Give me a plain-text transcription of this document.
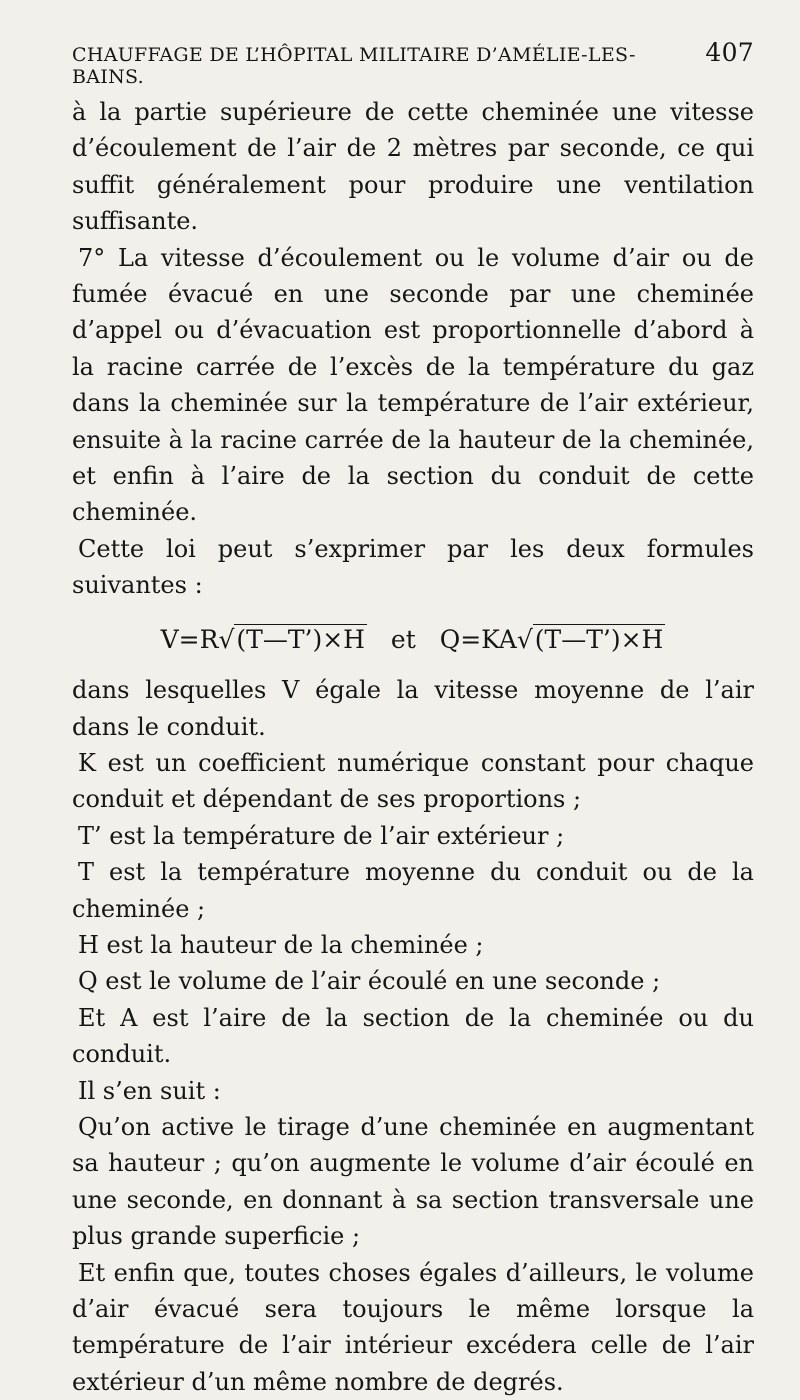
CHAUFFAGE DE L’HÔPITAL MILITAIRE D’AMÉLIE-LES-BAINS.
407

à la partie supérieure de cette cheminée une vitesse d’écoulement de l’air de 2 mètres par seconde, ce qui suffit généralement pour produire une ventilation suffisante.

7° La vitesse d’écoulement ou le volume d’air ou de fumée évacué en une seconde par une cheminée d’appel ou d’évacuation est proportionnelle d’abord à la racine carrée de l’excès de la température du gaz dans la cheminée sur la température de l’air extérieur, ensuite à la racine carrée de la hauteur de la cheminée, et enfin à l’aire de la section du conduit de cette cheminée.

Cette loi peut s’exprimer par les deux formules suivantes :

V=R√(T—T’)×H et Q=KA√(T—T’)×H

dans lesquelles V égale la vitesse moyenne de l’air dans le conduit.

K est un coefficient numérique constant pour chaque conduit et dépendant de ses proportions ;

T’ est la température de l’air extérieur ;

T est la température moyenne du conduit ou de la cheminée ;

H est la hauteur de la cheminée ;

Q est le volume de l’air écoulé en une seconde ;

Et A est l’aire de la section de la cheminée ou du conduit.

Il s’en suit :

Qu’on active le tirage d’une cheminée en augmentant sa hauteur ; qu’on augmente le volume d’air écoulé en une seconde, en donnant à sa section transversale une plus grande superficie ;

Et enfin que, toutes choses égales d’ailleurs, le volume d’air évacué sera toujours le même lorsque la température de l’air intérieur excédera celle de l’air extérieur d’un même nombre de degrés.
